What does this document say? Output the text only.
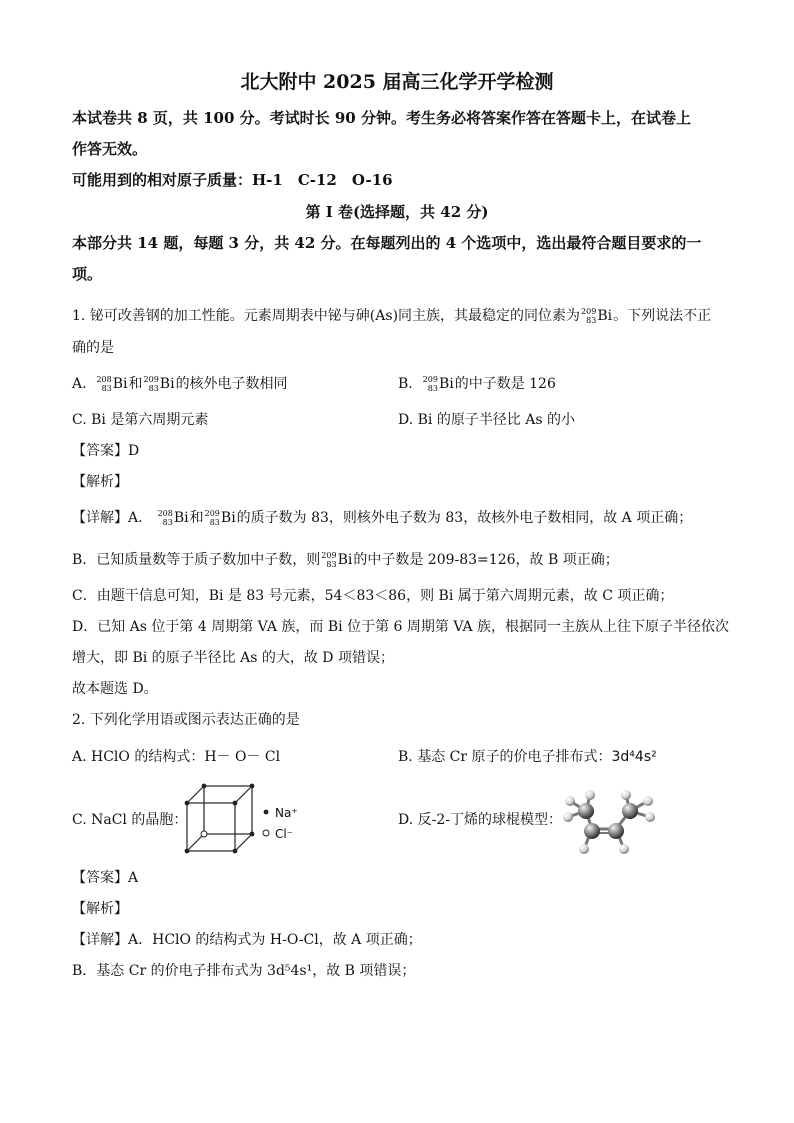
北大附中 2025 届高三化学开学检测
本试卷共 8 页，共 100 分。考试时长 90 分钟。考生务必将答案作答在答题卡上，在试卷上
作答无效。
可能用到的相对原子质量：H-1　C-12　O-16
第 I 卷(选择题，共 42 分)
本部分共 14 题，每题 3 分，共 42 分。在每题列出的 4 个选项中，选出最符合题目要求的一
项。
1. 铋可改善钢的加工性能。元素周期表中铋与砷(As)同主族，其最稳定的同位素为 209
83 Bi。下列说法不正
确的是
A. 208
83 Bi和 209
83 Bi的核外电子数相同	B. 209
83 Bi的中子数是 126
C. Bi 是第六周期元素	D. Bi 的原子半径比 As 的小
【答案】D
【解析】
【详解】A． 208
83 Bi和 209
83 Bi的质子数为 83，则核外电子数为 83，故核外电子数相同，故 A 项正确；
B．已知质量数等于质子数加中子数，则 209
83 Bi的中子数是 209-83=126，故 B 项正确；
C．由题干信息可知，Bi 是 83 号元素，54＜83＜86，则 Bi 属于第六周期元素，故 C 项正确；
D．已知 As 位于第 4 周期第 VA 族，而 Bi 位于第 6 周期第 VA 族，根据同一主族从上往下原子半径依次
增大，即 Bi 的原子半径比 As 的大，故 D 项错误；
故本题选 D。
2. 下列化学用语或图示表达正确的是
A. HClO 的结构式：H－ O－ Cl	B. 基态 Cr 原子的价电子排布式：3d⁴4s²
C. NaCl 的晶胞：	Na⁺
Cl⁻
D. 反-2-丁烯的球棍模型：
【答案】A
【解析】
【详解】A．HClO 的结构式为 H-O-Cl，故 A 项正确；
B．基态 Cr 的价电子排布式为 3d⁵4s¹，故 B 项错误；
